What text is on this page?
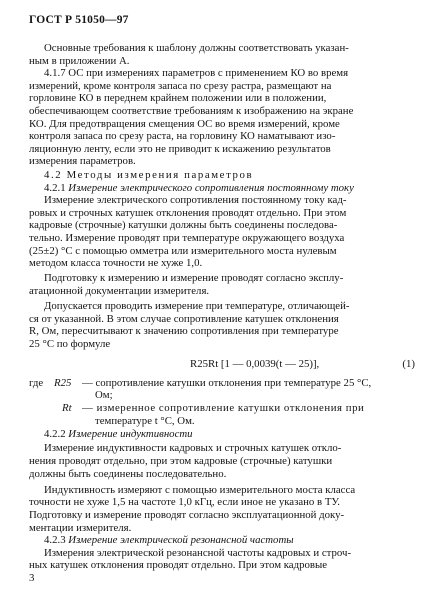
ГОСТ Р 51050—97
Основные требования к шаблону должны соответствовать указан-
ным в приложении А.
4.1.7 ОС при измерениях параметров с применением КО во время
измерений, кроме контроля запаса по срезу растра, размещают на
горловине КО в переднем крайнем положении или в положении,
обеспечивающем соответствие требованиям к изображению на экране
КО. Для предотвращения смещения ОС во время измерений, кроме
контроля запаса по срезу раста, на горловину КО наматывают изо-
ляционную ленту, если это не приводит к искажению результатов
измерения параметров.
4.2 Методы измерения параметров
4.2.1 Измерение электрического сопротивления постоянному току
Измерение электрического сопротивления постоянному току кад-
ровых и строчных катушек отклонения проводят отдельно. При этом
кадровые (строчные) катушки должны быть соединены последова-
тельно. Измерение проводят при температуре окружающего воздуха
(25±2) °С с помощью омметра или измерительного моста нулевым
методом класса точности не хуже 1,0.
Подготовку к измерению и измерение проводят согласно эксплу-
атационной документации измерителя.
Допускается проводить измерение при температуре, отличающей-
ся от указанной. В этом случае сопротивление катушек отклонения
R, Ом, пересчитывают к значению сопротивления при температуре
25 °С по формуле
R25Rt [1 — 0,0039(t — 25)],	(1)
где R25 — сопротивление катушки отклонения при температуре 25 °С,
Ом;
Rt — измеренное сопротивление катушки отклонения при
температуре t °С, Ом.
4.2.2 Измерение индуктивности
Измерение индуктивности кадровых и строчных катушек откло-
нения проводят отдельно, при этом кадровые (строчные) катушки
должны быть соединены последовательно.
Индуктивность измеряют с помощью измерительного моста класса
точности не хуже 1,5 на частоте 1,0 кГц, если иное не указано в ТУ.
Подготовку и измерение проводят согласно эксплуатационной доку-
ментации измерителя.
4.2.3 Измерение электрической резонансной частоты
Измерения электрической резонансной частоты кадровых и строч-
ных катушек отклонения проводят отдельно. При этом кадровые
3
